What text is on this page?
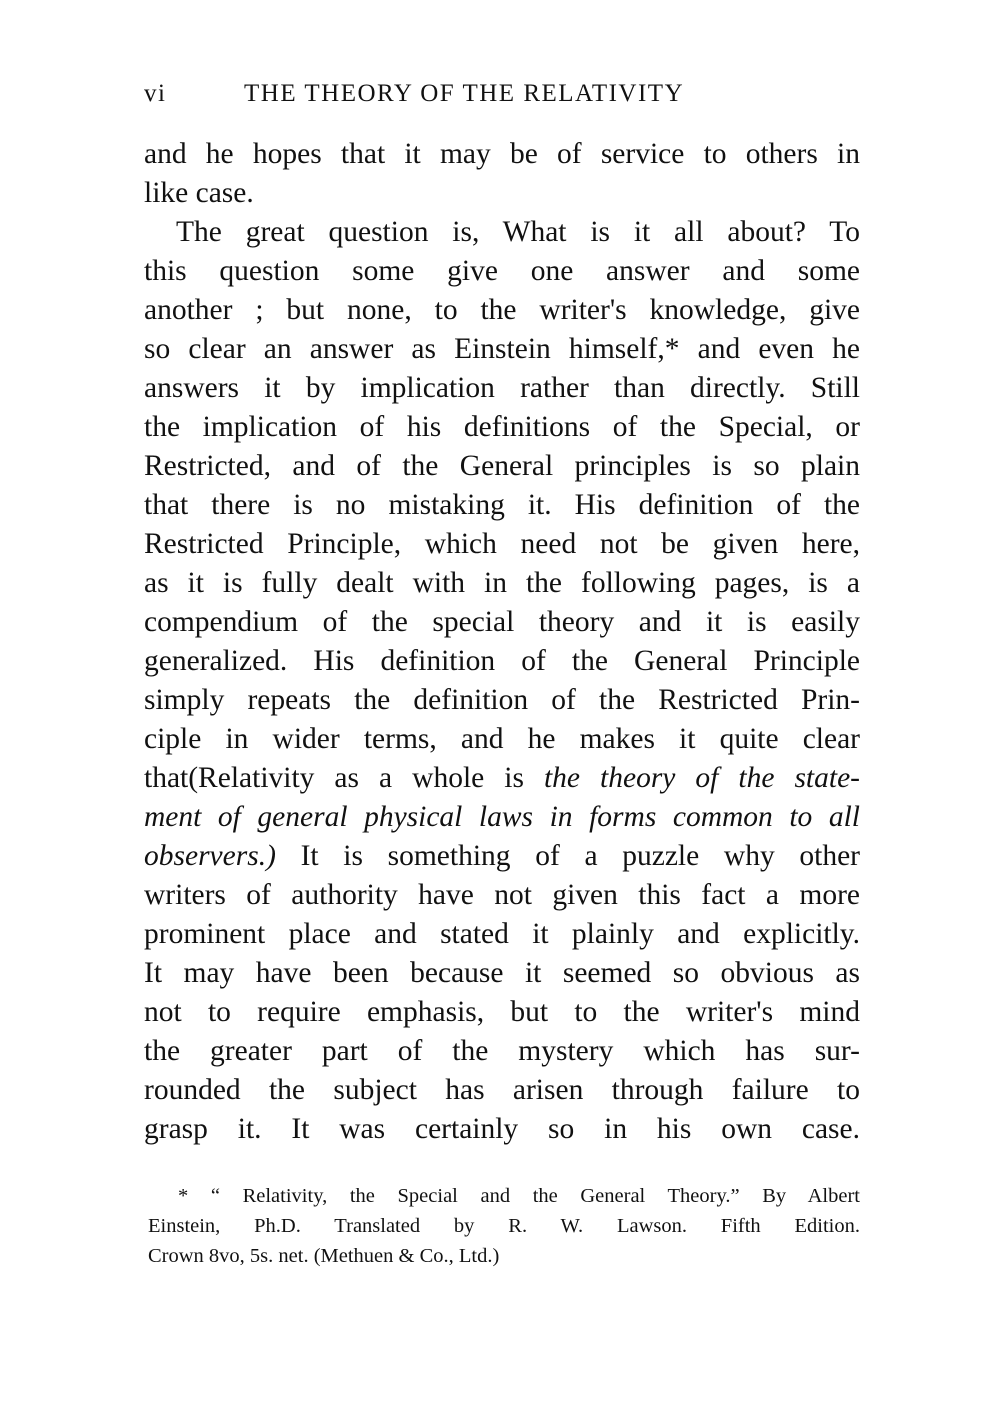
vi	THE THEORY OF THE RELATIVITY
and he hopes that it may be of service to others in
like case.
The great question is, What is it all about? To
this question some give one answer and some
another ; but none, to the writer's knowledge, give
so clear an answer as Einstein himself,* and even he
answers it by implication rather than directly. Still
the implication of his definitions of the Special, or
Restricted, and of the General principles is so plain
that there is no mistaking it. His definition of the
Restricted Principle, which need not be given here,
as it is fully dealt with in the following pages, is a
compendium of the special theory and it is easily
generalized. His definition of the General Principle
simply repeats the definition of the Restricted Prin-
ciple in wider terms, and he makes it quite clear
that(Relativity as a whole is the theory of the state-
ment of general physical laws in forms common to all
observers.) It is something of a puzzle why other
writers of authority have not given this fact a more
prominent place and stated it plainly and explicitly.
It may have been because it seemed so obvious as
not to require emphasis, but to the writer's mind
the greater part of the mystery which has sur-
rounded the subject has arisen through failure to
grasp it. It was certainly so in his own case.
* “ Relativity, the Special and the General Theory.” By Albert
Einstein, Ph.D. Translated by R. W. Lawson. Fifth Edition.
Crown 8vo, 5s. net. (Methuen & Co., Ltd.)
